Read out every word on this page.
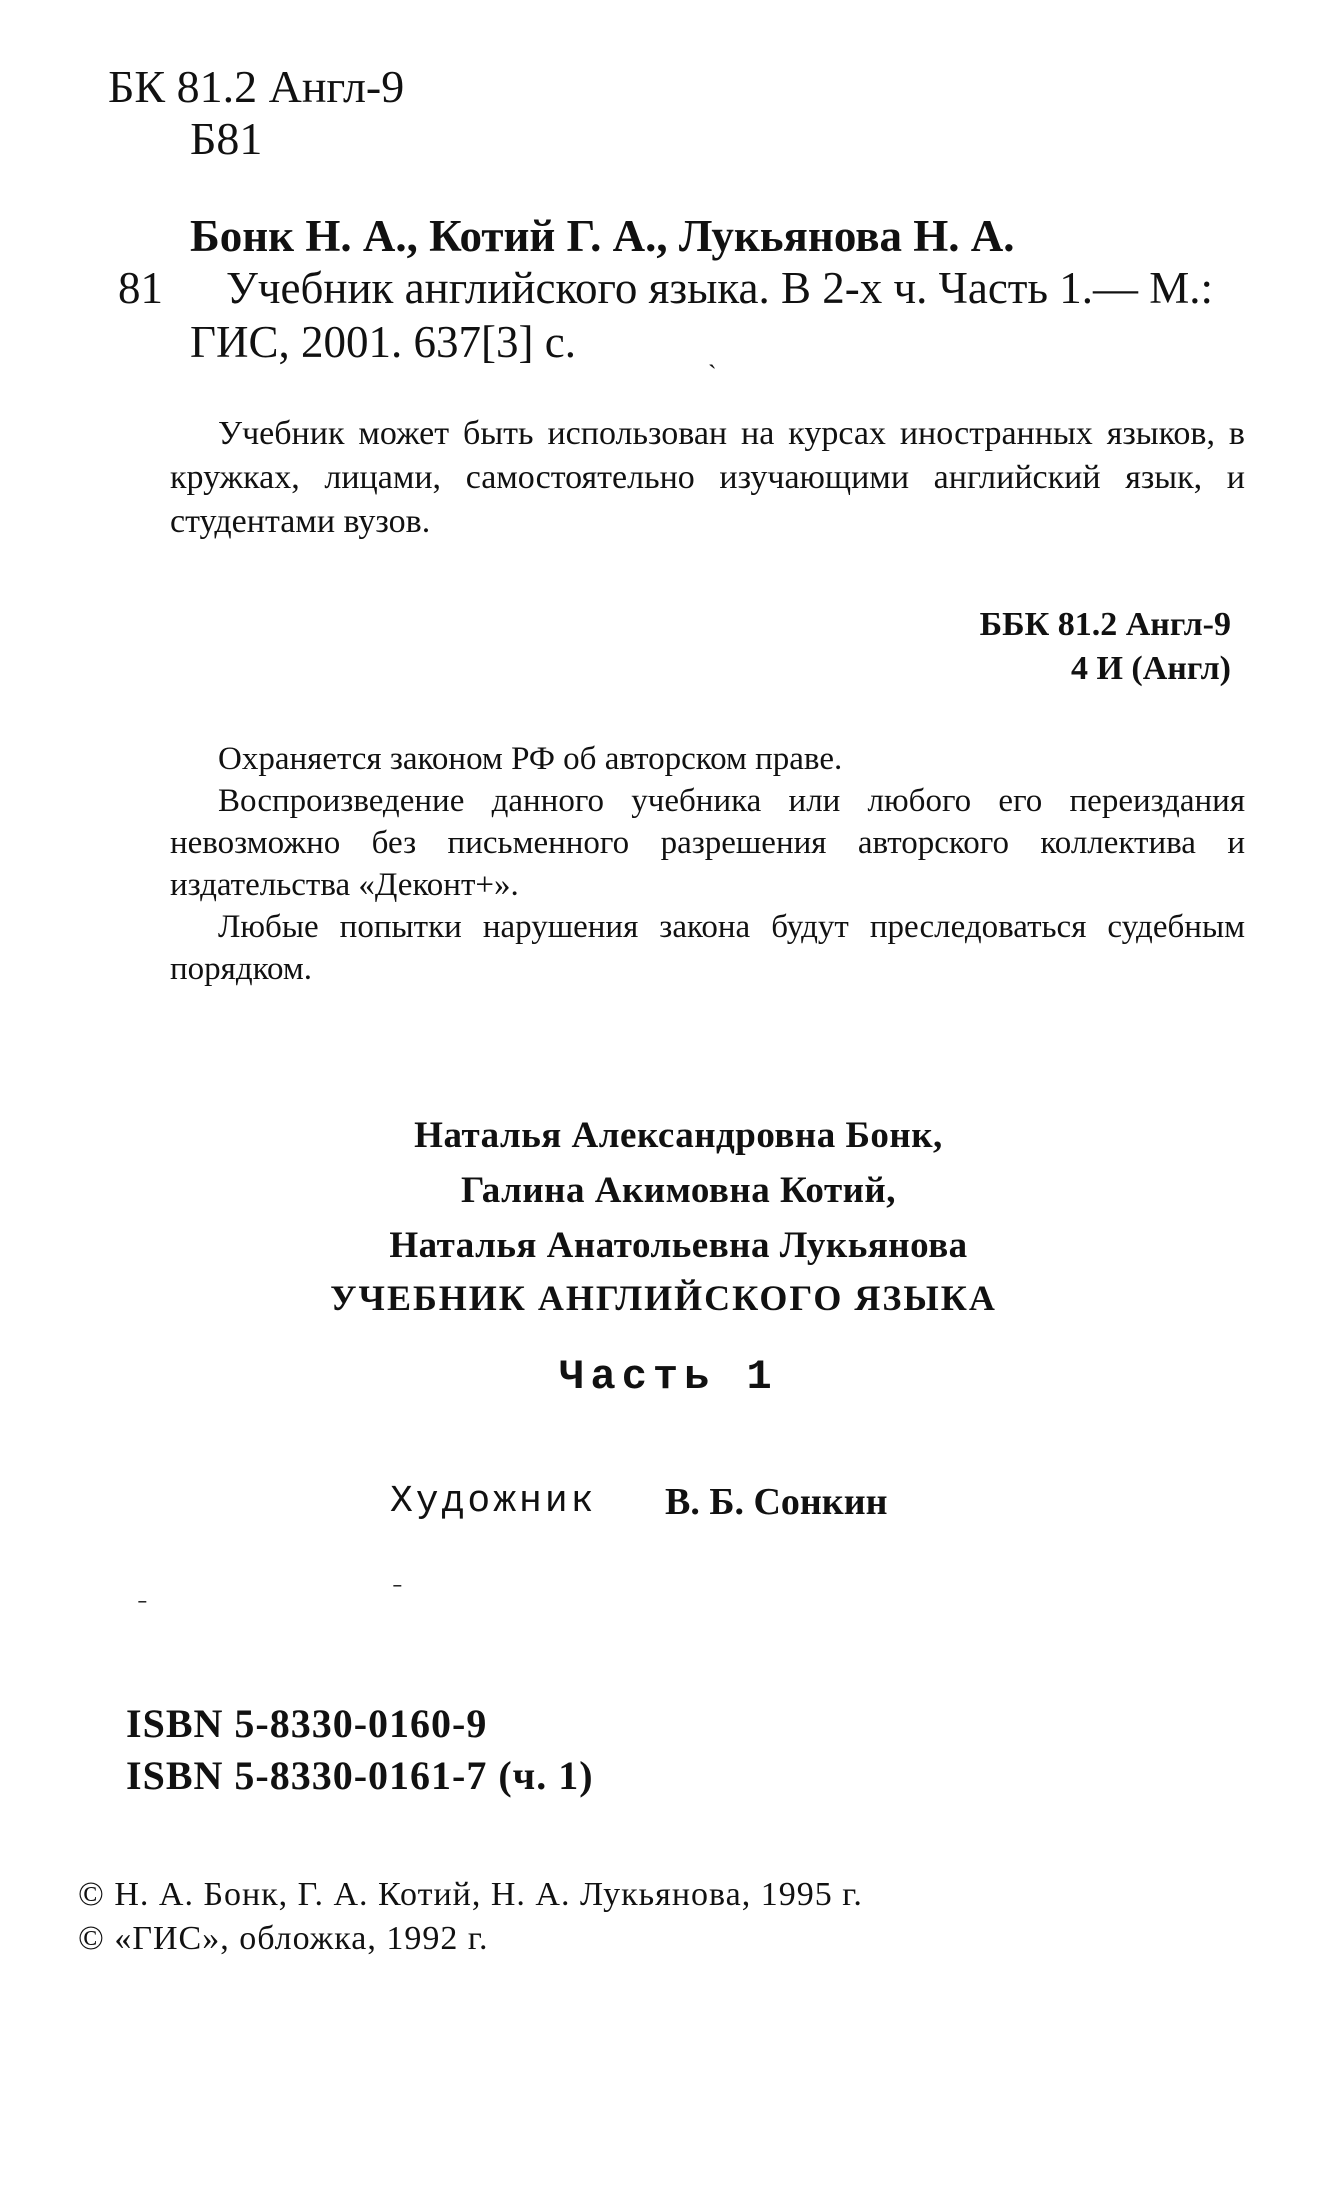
БК 81.2 Англ-9
Б81
Бонк Н. А., Котий Г. А., Лукьянова Н. А.
81 Учебник английского языка. В 2-х ч. Часть 1.— М.:
ГИС, 2001. 637[3] с.	ˏ
Учебник может быть использован на курсах иностранных языков, в кружках, лицами, самостоятельно изучающими английский язык, и студентами вузов.
ББК 81.2 Англ-9
4 И (Англ)

Охраняется законом РФ об авторском праве.

Воспроизведение данного учебника или любого его переиздания невозможно без письменного разрешения авторского коллектива и издательства «Деконт+».

Любые попытки нарушения закона будут преследоваться судебным порядком.

Наталья Александровна Бонк,
Галина Акимовна Котий,
Наталья Анатольевна Лукьянова
УЧЕБНИК АНГЛИЙСКОГО ЯЗЫКА
Часть 1
Художник В. Б. Сонкин
ˍ
ˍ
ISBN 5-8330-0160-9
ISBN 5-8330-0161-7 (ч. 1)
© Н. А. Бонк, Г. А. Котий, Н. А. Лукьянова, 1995 г.
© «ГИС», обложка, 1992 г.
